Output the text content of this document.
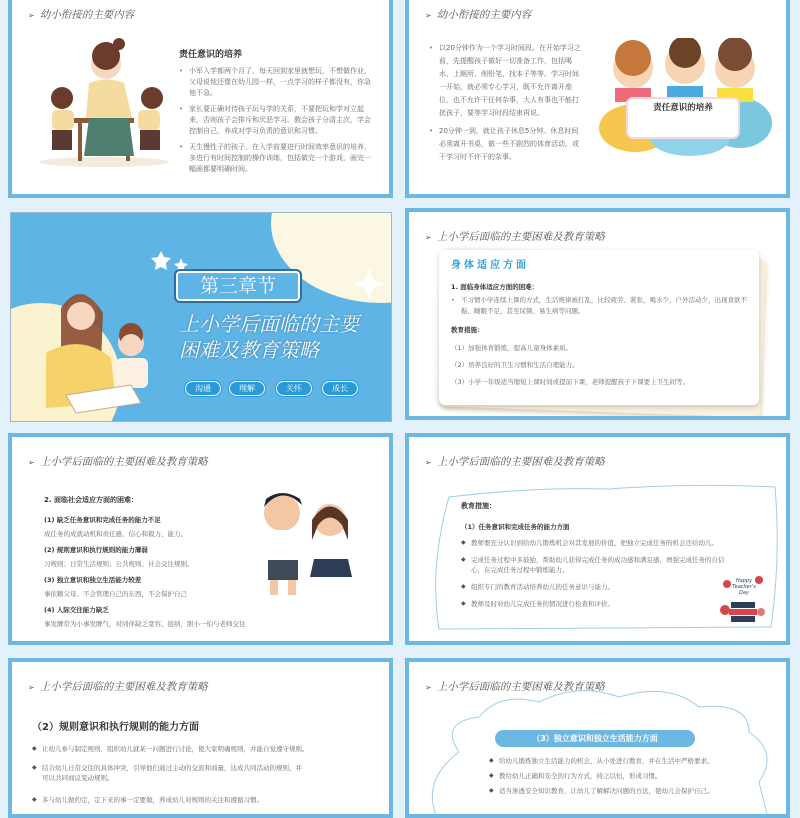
➢ 幼小衔接的主要内容
责任意识的培养
• 小军入学都两个月了，每天回到家里就想玩，不想做作业，父母说他还像在幼儿园一样，一点学习的样子都没有，你急他不急。
• 家长要正确对待孩子玩与学的关系，不要把玩和学对立起来，否则孩子会排斥和厌恶学习。教会孩子分清主次，学会控制自己，养成对学习负责的意识和习惯。
• 天生慢性子的孩子，在入学前要进行时间效率意识的培养，多进行有时间控制的操作训练，包括做完一个游戏，画完一幅画都要明确时间。
➢ 幼小衔接的主要内容
• 以20分钟作为一个学习时间段。在开始学习之前，先提醒孩子做好一切准备工作，包括喝水、上厕所、削铅笔、找本子等等。学习时间一开始，就必须专心学习，既不允许离开座位，也不允许干任何杂事，大人有事也不能打扰孩子，要等学习时段结束再说。
• 20分钟一到，就让孩子休息5分钟。休息时间必须离开书桌，做一些不剧烈的体育活动，或干学习时不许干的杂事。
责任意识的培养
第三章节
上小学后面临的主要
困难及教育策略
沟通	理解	关怀	成长
➢ 上小学后面临的主要困难及教育策略
身体适应方面
1. 面临身体适应方面的困难：
• 不习惯小学连续上课的方式，生活规律被打乱，比较疲劳、紧张，喝水少，户外活动少，出现食欲不振、睡眠不足，甚至尿频、易生病等问题。
教育措施：
（1）加强体育锻炼，提高儿童身体素质。
（2）培养良好的卫生习惯和生活自理能力。
（3）小学一年级适当缩短上课时间或提前下课，老师提醒孩子下课要上卫生间等。
➢ 上小学后面临的主要困难及教育策略
2. 面临社会适应方面的困难：
(1) 缺乏任务意识和完成任务的能力不足
成任务的成就动机和责任感、信心和毅力、能力。
(2) 规则意识和执行规则的能力薄弱
习规则；日常生活规则；公共规则；社会交往规则。
(3) 独立意识和独立生活能力较差
事依赖父母、不会管理自己的东西，不会保护自己
(4) 人际交往能力缺乏
事发脾常为小事发脾气，对同伴缺乏宽容、接纳，胆小一怕与老师交往
➢ 上小学后面临的主要困难及教育策略
教育措施：
（1）任务意识和完成任务的能力方面
◆ 教师要充分认识到给幼儿锻炼机会对其发展的价值，把独立完成任务的机会还给幼儿。
◆ 完成任务过程中多鼓励，帮助幼儿获得完成任务的成功感和满足感，增强完成任务的自信心，在完成任务过程中锻炼能力。
◆ 组织专门的教育活动培养幼儿的任务意识与能力。
◆ 教师及时对幼儿完成任务的情况进行检查和评价。
Happy Teacher's Day
➢ 上小学后面临的主要困难及教育策略
（2）规则意识和执行规则的能力方面
◆ 让幼儿参与制定规则，组织幼儿就某一问题进行讨论，使大家明确规则，并能自觉遵守规则。
◆ 结合幼儿日常交往的具体冲突，引导他们通过主动的交流和商量，达成共同活动的规则，并可以共同商议变动规则。
◆ 多与幼儿做约定，定下来的事一定要做，养成幼儿对规则的关注和遵循习惯。
➢ 上小学后面临的主要困难及教育策略
（3）独立意识和独立生活能力方面
◆ 给幼儿锻炼独立生活能力的机会，从小处进行教育，并在生活中严格要求。
◆ 教给幼儿正确和安全的行为方式，持之以恒，形成习惯。
◆ 适当渗透安全知识教育，让幼儿了解解决问题的方法，使幼儿会保护自己。
